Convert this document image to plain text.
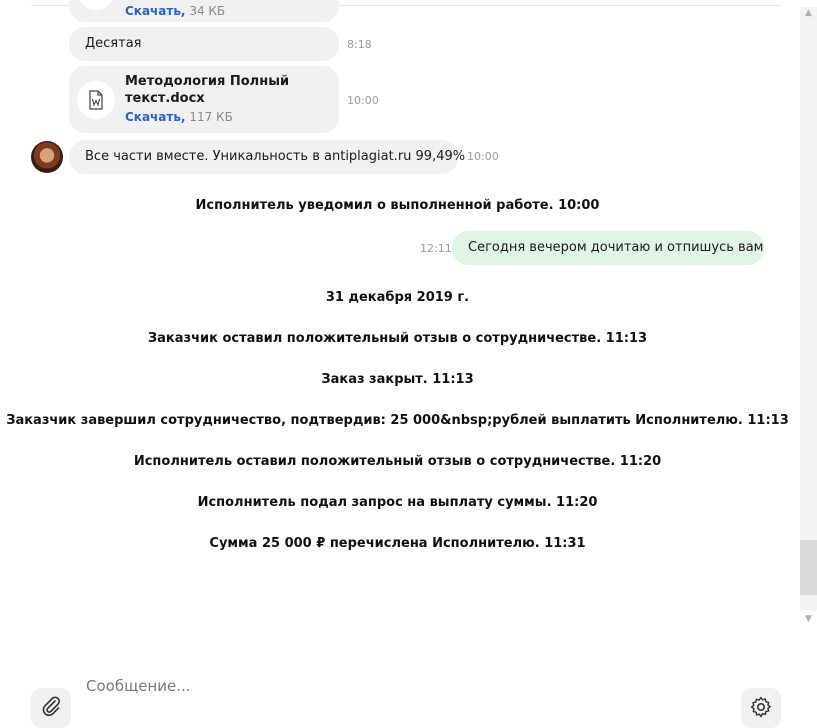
Скачать, 34 КБ
Десятая	8:18
Методология Полный текст.docx
Скачать, 117 КБ
10:00
Все части вместе. Уникальность в antiplagiat.ru 99,49% 10:00
Исполнитель уведомил о выполненной работе. 10:00
12:11	Сегодня вечером дочитаю и отпишусь вам
31 декабря 2019 г.
Заказчик оставил положительный отзыв о сотрудничестве. 11:13
Заказ закрыт. 11:13
Заказчик завершил сотрудничество, подтвердив: 25 000&nbsp;рублей выплатить Исполнителю. 11:13
Исполнитель оставил положительный отзыв о сотрудничестве. 11:20
Исполнитель подал запрос на выплату суммы. 11:20
Сумма 25 000 ₽ перечислена Исполнителю. 11:31
▲
▼
Сообщение...
